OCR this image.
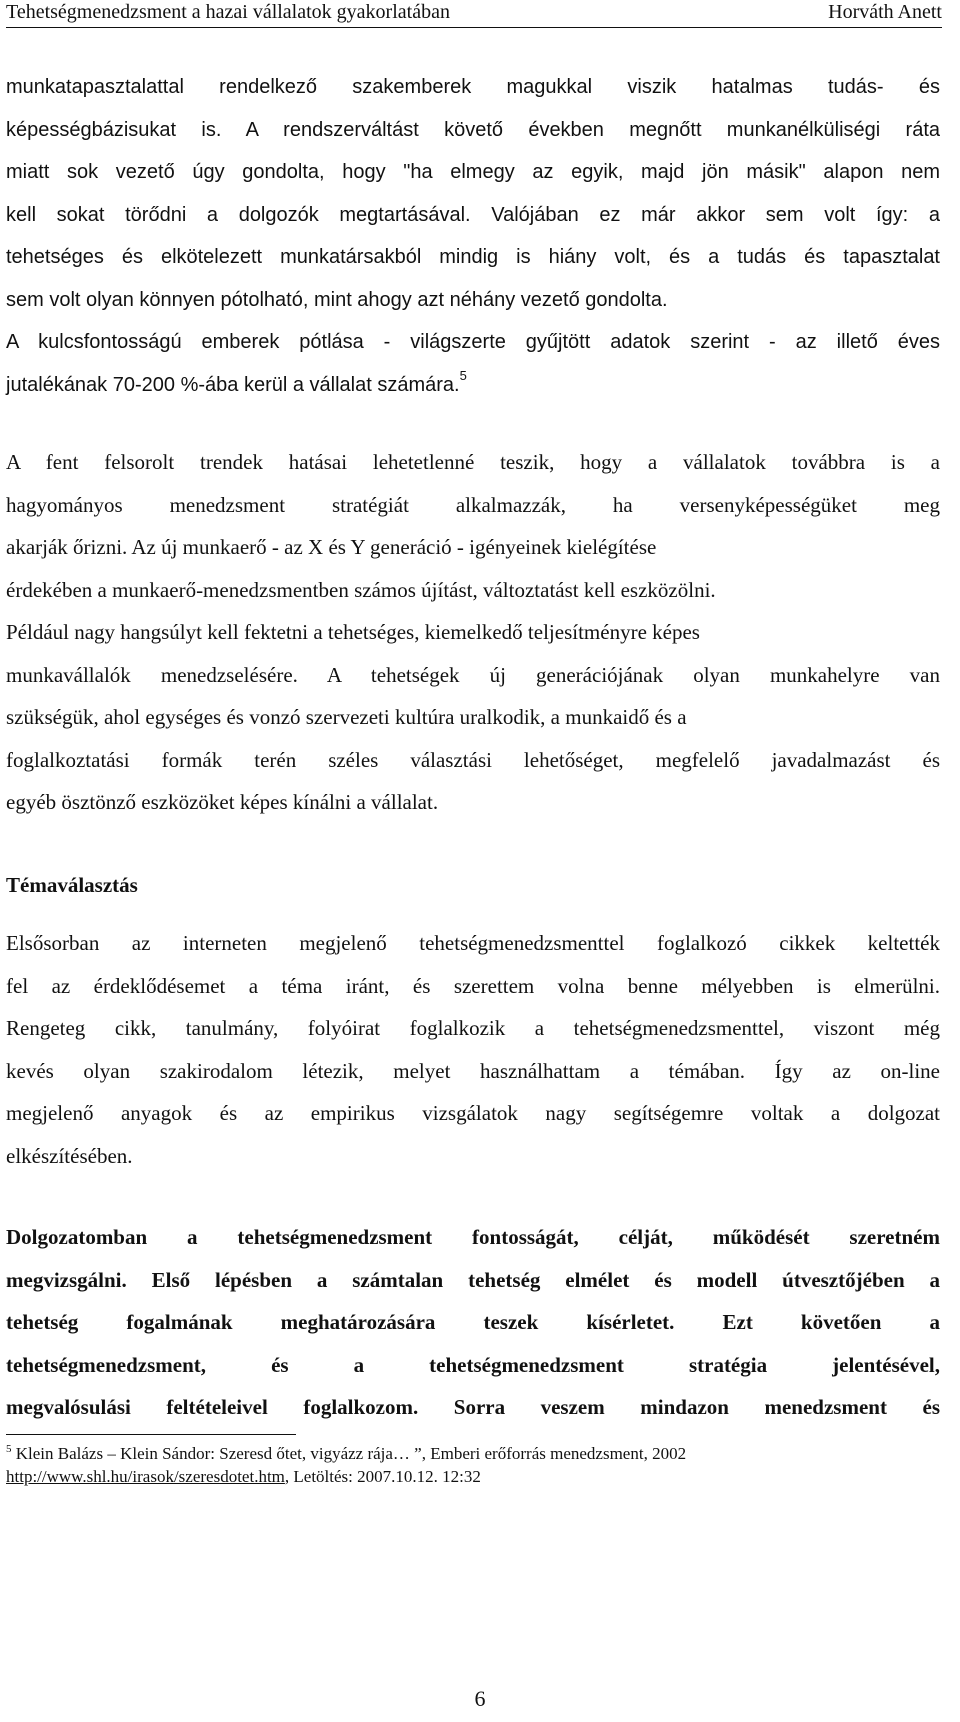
Tehetségmenedzsment a hazai vállalatok gyakorlatában	Horváth Anett
munkatapasztalattal rendelkező szakemberek magukkal viszik hatalmas tudás- és
képességbázisukat is. A rendszerváltást követő években megnőtt munkanélküliségi ráta
miatt sok vezető úgy gondolta, hogy "ha elmegy az egyik, majd jön másik" alapon nem
kell sokat törődni a dolgozók megtartásával. Valójában ez már akkor sem volt így: a
tehetséges és elkötelezett munkatársakból mindig is hiány volt, és a tudás és tapasztalat
sem volt olyan könnyen pótolható, mint ahogy azt néhány vezető gondolta.
A kulcsfontosságú emberek pótlása - világszerte gyűjtött adatok szerint - az illető éves
jutalékának 70-200 %-ába kerül a vállalat számára.$^5$
A fent felsorolt trendek hatásai lehetetlenné teszik, hogy a vállalatok továbbra is a
hagyományos menedzsment stratégiát alkalmazzák, ha versenyképességüket meg
akarják őrizni. Az új munkaerő - az X és Y generáció - igényeinek kielégítése
érdekében a munkaerő-menedzsmentben számos újítást, változtatást kell eszközölni.
Például nagy hangsúlyt kell fektetni a tehetséges, kiemelkedő teljesítményre képes
munkavállalók menedzselésére. A tehetségek új generációjának olyan munkahelyre van
szükségük, ahol egységes és vonzó szervezeti kultúra uralkodik, a munkaidő és a
foglalkoztatási formák terén széles választási lehetőséget, megfelelő javadalmazást és
egyéb ösztönző eszközöket képes kínálni a vállalat.
Témaválasztás
Elsősorban az interneten megjelenő tehetségmenedzsmenttel foglalkozó cikkek keltették
fel az érdeklődésemet a téma iránt, és szerettem volna benne mélyebben is elmerülni.
Rengeteg cikk, tanulmány, folyóirat foglalkozik a tehetségmenedzsmenttel, viszont még
kevés olyan szakirodalom létezik, melyet használhattam a témában. Így az on-line
megjelenő anyagok és az empirikus vizsgálatok nagy segítségemre voltak a dolgozat
elkészítésében.
Dolgozatomban a tehetségmenedzsment fontosságát, célját, működését szeretném
megvizsgálni. Első lépésben a számtalan tehetség elmélet és modell útvesztőjében a
tehetség fogalmának meghatározására teszek kísérletet. Ezt követően a
tehetségmenedzsment, és a tehetségmenedzsment stratégia jelentésével,
megvalósulási feltételeivel foglalkozom. Sorra veszem mindazon menedzsment és
$^5$ Klein Balázs – Klein Sándor: Szeresd őtet, vigyázz rája… ”, Emberi erőforrás menedzsment, 2002
http://www.shl.hu/irasok/szeresdotet.htm, Letöltés: 2007.10.12. 12:32
6
